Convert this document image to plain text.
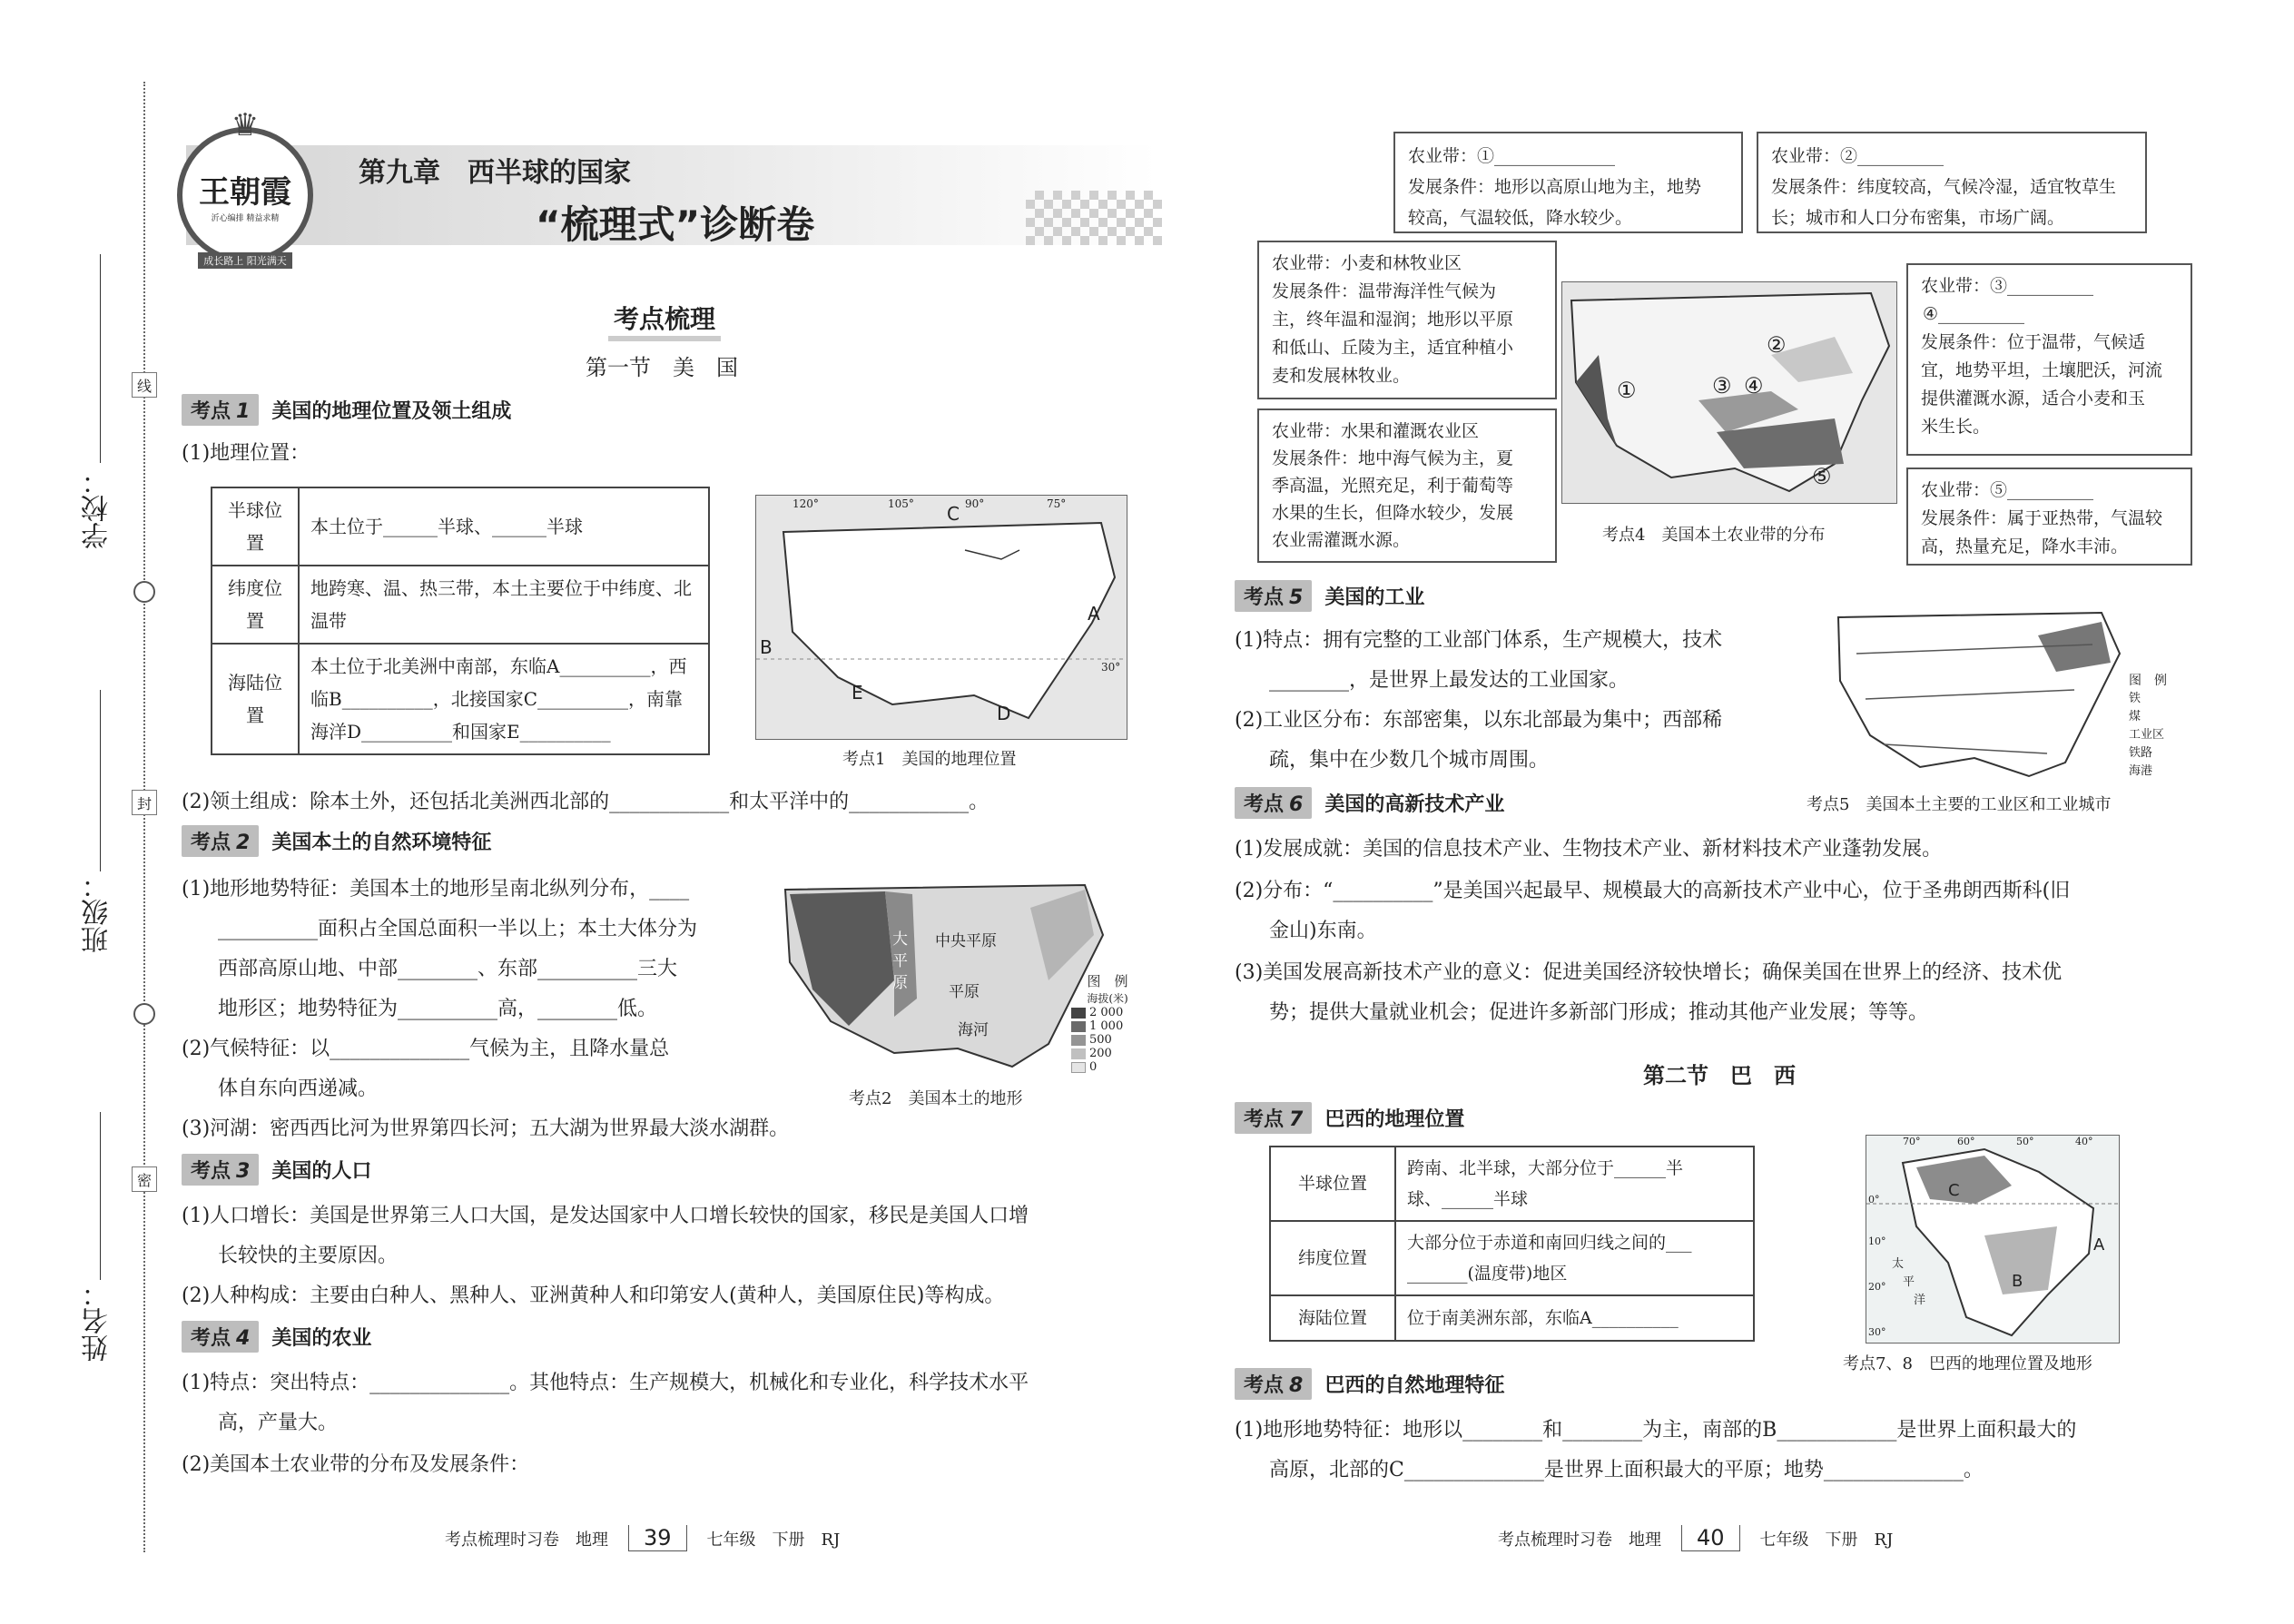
学校：
班级：
姓名：
线
封
密
♛
王朝霞
沂心编排 精益求精
成长路上 阳光满天
第九章　西半球的国家
“梳理式”诊断卷
考点梳理
第一节　美　国
考点 1	美国的地理位置及领土组成
(1)地理位置：
半球位置	本土位于______半球、______半球
纬度位置	地跨寒、温、热三带，本土主要位于中纬度、北温带
海陆位置	本土位于北美洲中南部，东临A__________，西临B__________，北接国家C__________，南靠海洋D__________和国家E__________
120°	105°	90°	75°
30°
A
B
C
D
E
考点1　美国的地理位置
(2)领土组成：除本土外，还包括北美洲西北部的____________和太平洋中的____________。
考点 2	美国本土的自然环境特征
(1)地形地势特征：美国本土的地形呈南北纵列分布，____
__________面积占全国总面积一半以上；本土大体分为
西部高原山地、中部________、东部__________三大
地形区；地势特征为__________高，________低。
(2)气候特征：以______________气候为主，且降水量总
体自东向西递减。
中央平原
平原
海河
大
平
原	图　例
海拔(米)
2 000
1 000
500
200
0
考点2　美国本土的地形
(3)河湖：密西西比河为世界第四长河；五大湖为世界最大淡水湖群。
考点 3	美国的人口
(1)人口增长：美国是世界第三人口大国，是发达国家中人口增长较快的国家，移民是美国人口增
长较快的主要原因。
(2)人种构成：主要由白种人、黑种人、亚洲黄种人和印第安人(黄种人，美国原住民)等构成。
考点 4	美国的农业
(1)特点：突出特点：______________。其他特点：生产规模大，机械化和专业化，科学技术水平
高，产量大。
(2)美国本土农业带的分布及发展条件：
考点梳理时习卷　地理	39	七年级　下册　RJ
①
②
③ ④
⑤
考点4　美国本土农业带的分布
农业带：①______________
发展条件：地形以高原山地为主，地势
较高，气温较低，降水较少。
农业带：②__________
发展条件：纬度较高，气候冷湿，适宜牧草生
长；城市和人口分布密集，市场广阔。
农业带：小麦和林牧业区
发展条件：温带海洋性气候为
主，终年温和湿润；地形以平原
和低山、丘陵为主，适宜种植小
麦和发展林牧业。
农业带：水果和灌溉农业区
发展条件：地中海气候为主，夏
季高温，光照充足，利于葡萄等
水果的生长，但降水较少，发展
农业需灌溉水源。
农业带：③__________
④__________
发展条件：位于温带，气候适
宜，地势平坦，土壤肥沃，河流
提供灌溉水源，适合小麦和玉
米生长。
农业带：⑤__________
发展条件：属于亚热带，气温较
高，热量充足，降水丰沛。
考点 5	美国的工业
(1)特点：拥有完整的工业部门体系，生产规模大，技术
________，是世界上最发达的工业国家。
(2)工业区分布：东部密集，以东北部最为集中；西部稀
疏，集中在少数几个城市周围。
图　例
铁
煤
工业区
铁路
海港
考点5　美国本土主要的工业区和工业城市
考点 6	美国的高新技术产业
(1)发展成就：美国的信息技术产业、生物技术产业、新材料技术产业蓬勃发展。
(2)分布：“__________”是美国兴起最早、规模最大的高新技术产业中心，位于圣弗朗西斯科(旧
金山)东南。
(3)美国发展高新技术产业的意义：促进美国经济较快增长；确保美国在世界上的经济、技术优
势；提供大量就业机会；促进许多新部门形成；推动其他产业发展；等等。
第二节　巴　西
考点 7	巴西的地理位置
半球位置	跨南、北半球，大部分位于______半
球、______半球

纬度位置	大部分位于赤道和南回归线之间的___
_______(温度带)地区

海陆位置	位于南美洲东部，东临A__________
70°	60°	50°	40°
0°
10°
20°
30°
A
B
C
太
平
洋
考点7、8　巴西的地理位置及地形
考点 8	巴西的自然地理特征
(1)地形地势特征：地形以________和________为主，南部的B____________是世界上面积最大的
高原，北部的C______________是世界上面积最大的平原；地势______________。
考点梳理时习卷　地理	40	七年级　下册　RJ
